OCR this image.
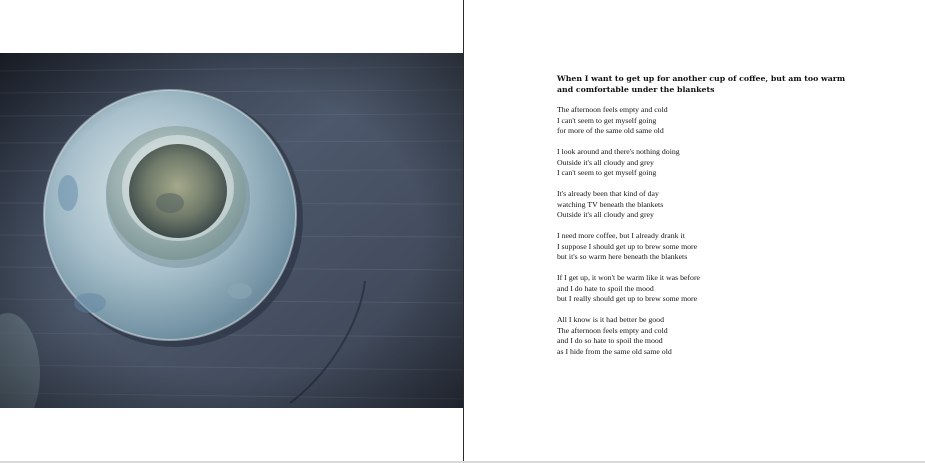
When I want to get up for another cup of coffee, but am too warm
and comfortable under the blankets
The afternoon feels empty and cold
I can't seem to get myself going
for more of the same old same old
I look around and there's nothing doing
Outside it's all cloudy and grey
I can't seem to get myself going
It's already been that kind of day
watching TV beneath the blankets
Outside it's all cloudy and grey
I need more coffee, but I already drank it
I suppose I should get up to brew some more
but it's so warm here beneath the blankets
If I get up, it won't be warm like it was before
and I do hate to spoil the mood
but I really should get up to brew some more
All I know is it had better be good
The afternoon feels empty and cold
and I do so hate to spoil the mood
as I hide from the same old same old
